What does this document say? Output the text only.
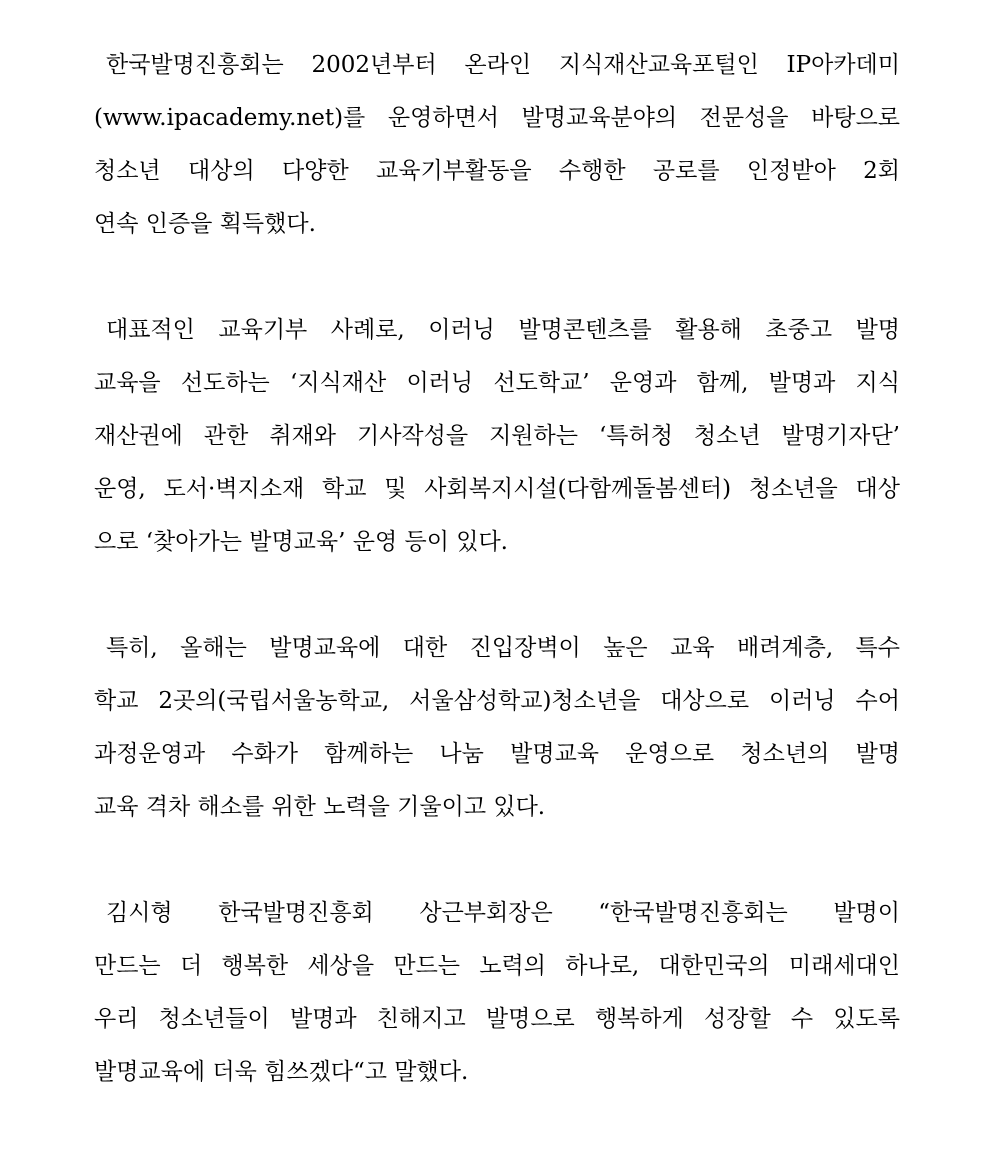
한국발명진흥회는 2002년부터 온라인 지식재산교육포털인 IP아카데미
(www.ipacademy.net)를 운영하면서 발명교육분야의 전문성을 바탕으로
청소년 대상의 다양한 교육기부활동을 수행한 공로를 인정받아 2회
연속 인증을 획득했다.
대표적인 교육기부 사례로, 이러닝 발명콘텐츠를 활용해 초중고 발명
교육을 선도하는 ‘지식재산 이러닝 선도학교’ 운영과 함께, 발명과 지식
재산권에 관한 취재와 기사작성을 지원하는 ‘특허청 청소년 발명기자단’
운영, 도서·벽지소재 학교 및 사회복지시설(다함께돌봄센터) 청소년을 대상
으로 ‘찾아가는 발명교육’ 운영 등이 있다.
특히, 올해는 발명교육에 대한 진입장벽이 높은 교육 배려계층, 특수
학교 2곳의(국립서울농학교, 서울삼성학교)청소년을 대상으로 이러닝 수어
과정운영과 수화가 함께하는 나눔 발명교육 운영으로 청소년의 발명
교육 격차 해소를 위한 노력을 기울이고 있다.
김시형 한국발명진흥회 상근부회장은 “한국발명진흥회는 발명이
만드는 더 행복한 세상을 만드는 노력의 하나로, 대한민국의 미래세대인
우리 청소년들이 발명과 친해지고 발명으로 행복하게 성장할 수 있도록
발명교육에 더욱 힘쓰겠다“고 말했다.
